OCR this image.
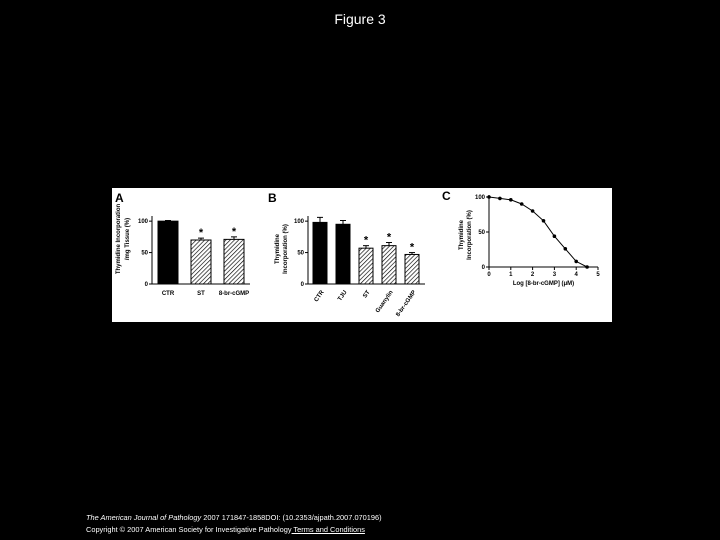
Figure 3
A
Thymidine Incorporation /mg Tissue (%)
0
50
100
CTR
*
ST
*
8-br-cGMP
B
Thymidine Incorporation (%)
0
50
100
CTR TJU
*
ST
*
Guanylin
*
8-br-cGMP
C
Thymidine Incorporation (%)
0
50
100
0	1	2	3	4	5
Log [8-br-cGMP] (μM)
The American Journal of Pathology 2007 171847-1858DOI: (10.2353/ajpath.2007.070196)
Copyright © 2007 American Society for Investigative Pathology Terms and Conditions
